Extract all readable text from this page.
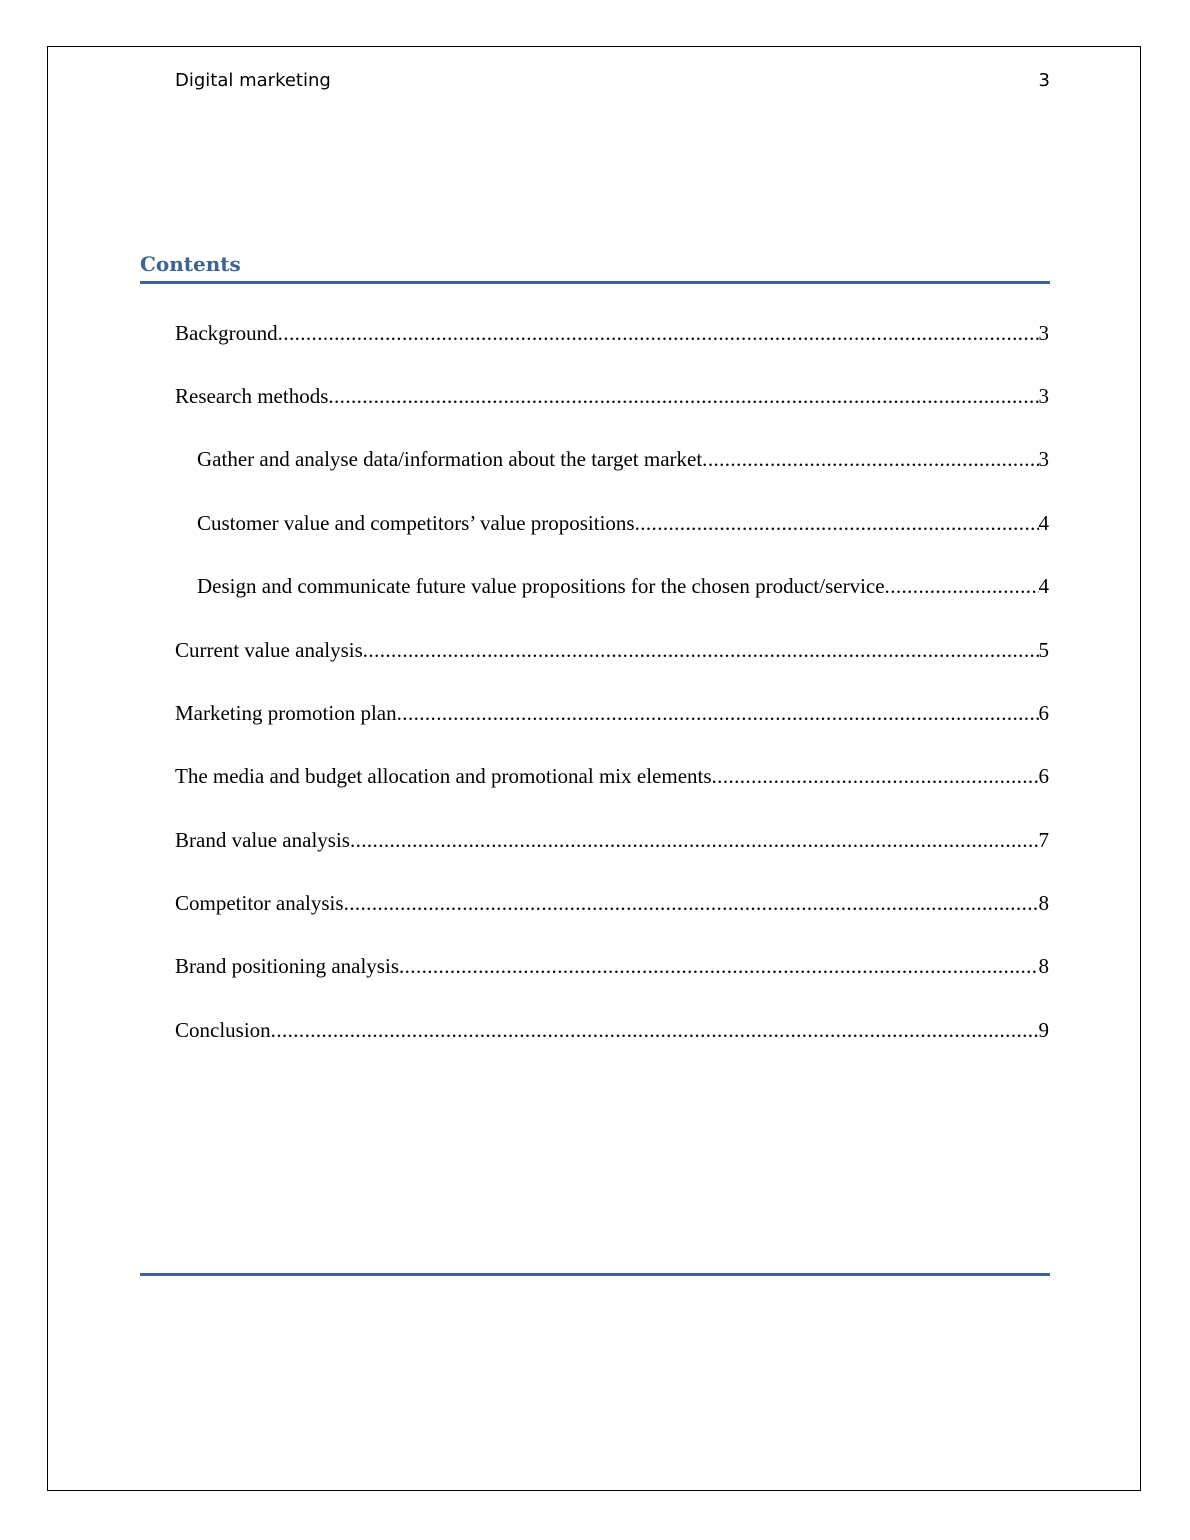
Digital marketing	3
Contents
Background .....	3
Research methods .....	3
Gather and analyse data/information about the target market .....	3
Customer value and competitors’ value propositions .....	4
Design and communicate future value propositions for the chosen product/service .....	4
Current value analysis .....	5
Marketing promotion plan .....	6
The media and budget allocation and promotional mix elements .....	6
Brand value analysis .....	7
Competitor analysis .....	8
Brand positioning analysis .....	8
Conclusion .....	9
